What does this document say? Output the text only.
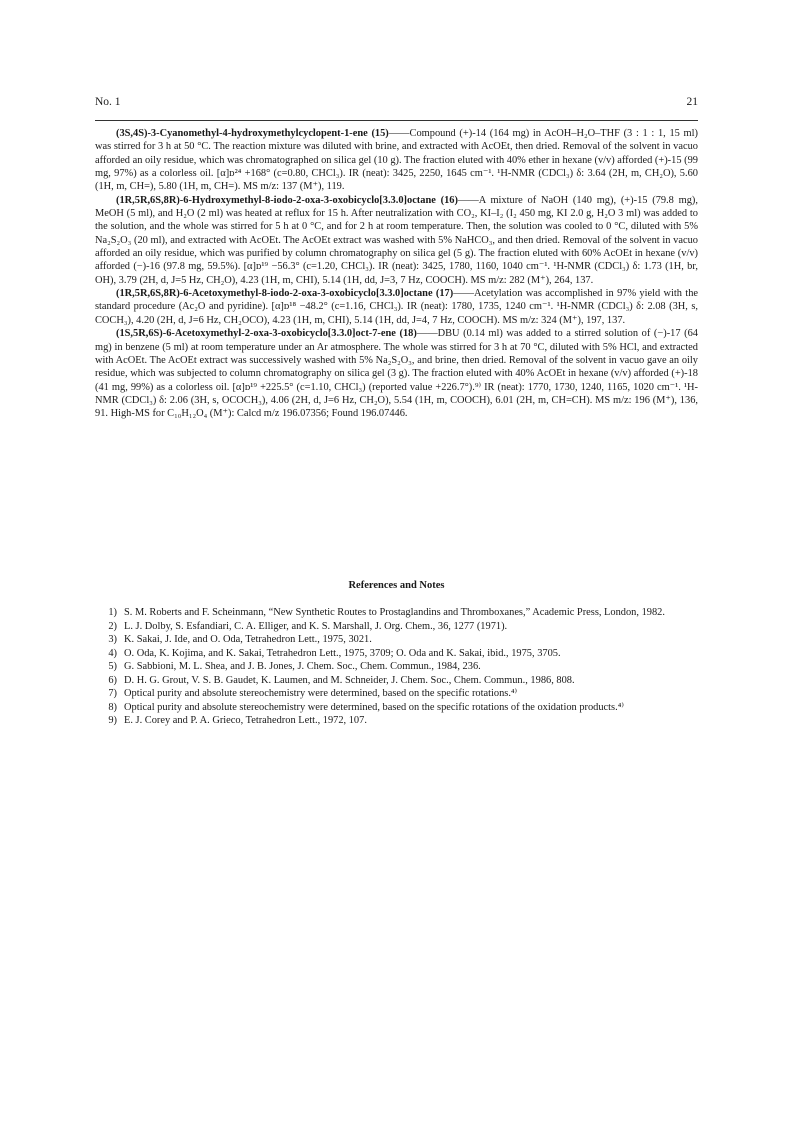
No. 1	21

(3S,4S)-3-Cyanomethyl-4-hydroxymethylcyclopent-1-ene (15)——Compound (+)-14 (164 mg) in AcOH–H₂O–THF (3 : 1 : 1, 15 ml) was stirred for 3 h at 50 °C. The reaction mixture was diluted with brine, and extracted with AcOEt, then dried. Removal of the solvent in vacuo afforded an oily residue, which was chromatographed on silica gel (10 g). The fraction eluted with 40% ether in hexane (v/v) afforded (+)-15 (99 mg, 97%) as a colorless oil. [α]ᴅ²⁴ +168° (c=0.80, CHCl₃). IR (neat): 3425, 2250, 1645 cm⁻¹. ¹H-NMR (CDCl₃) δ: 3.64 (2H, m, CH₂O), 5.60 (1H, m, CH=), 5.80 (1H, m, CH=). MS m/z: 137 (M⁺), 119.

(1R,5R,6S,8R)-6-Hydroxymethyl-8-iodo-2-oxa-3-oxobicyclo[3.3.0]octane (16)——A mixture of NaOH (140 mg), (+)-15 (79.8 mg), MeOH (5 ml), and H₂O (2 ml) was heated at reflux for 15 h. After neutralization with CO₂, KI–I₂ (I₂ 450 mg, KI 2.0 g, H₂O 3 ml) was added to the solution, and the whole was stirred for 5 h at 0 °C, and for 2 h at room temperature. Then, the solution was cooled to 0 °C, diluted with 5% Na₂S₂O₃ (20 ml), and extracted with AcOEt. The AcOEt extract was washed with 5% NaHCO₃, and then dried. Removal of the solvent in vacuo afforded an oily residue, which was purified by column chromatography on silica gel (5 g). The fraction eluted with 60% AcOEt in hexane (v/v) afforded (−)-16 (97.8 mg, 59.5%). [α]ᴅ¹⁹ −56.3° (c=1.20, CHCl₃). IR (neat): 3425, 1780, 1160, 1040 cm⁻¹. ¹H-NMR (CDCl₃) δ: 1.73 (1H, br, OH), 3.79 (2H, d, J=5 Hz, CH₂O), 4.23 (1H, m, CHI), 5.14 (1H, dd, J=3, 7 Hz, COOCH). MS m/z: 282 (M⁺), 264, 137.

(1R,5R,6S,8R)-6-Acetoxymethyl-8-iodo-2-oxa-3-oxobicyclo[3.3.0]octane (17)——Acetylation was accomplished in 97% yield with the standard procedure (Ac₂O and pyridine). [α]ᴅ¹⁸ −48.2° (c=1.16, CHCl₃). IR (neat): 1780, 1735, 1240 cm⁻¹. ¹H-NMR (CDCl₃) δ: 2.08 (3H, s, COCH₃), 4.20 (2H, d, J=6 Hz, CH₂OCO), 4.23 (1H, m, CHI), 5.14 (1H, dd, J=4, 7 Hz, COOCH). MS m/z: 324 (M⁺), 197, 137.

(1S,5R,6S)-6-Acetoxymethyl-2-oxa-3-oxobicyclo[3.3.0]oct-7-ene (18)——DBU (0.14 ml) was added to a stirred solution of (−)-17 (64 mg) in benzene (5 ml) at room temperature under an Ar atmosphere. The whole was stirred for 3 h at 70 °C, diluted with 5% HCl, and extracted with AcOEt. The AcOEt extract was successively washed with 5% Na₂S₂O₃, and brine, then dried. Removal of the solvent in vacuo gave an oily residue, which was subjected to column chromatography on silica gel (3 g). The fraction eluted with 40% AcOEt in hexane (v/v) afforded (+)-18 (41 mg, 99%) as a colorless oil. [α]ᴅ¹⁹ +225.5° (c=1.10, CHCl₃) (reported value +226.7°).⁹⁾ IR (neat): 1770, 1730, 1240, 1165, 1020 cm⁻¹. ¹H-NMR (CDCl₃) δ: 2.06 (3H, s, OCOCH₃), 4.06 (2H, d, J=6 Hz, CH₂O), 5.54 (1H, m, COOCH), 6.01 (2H, m, CH=CH). MS m/z: 196 (M⁺), 136, 91. High-MS for C₁₀H₁₂O₄ (M⁺): Calcd m/z 196.07356; Found 196.07446.

References and Notes
1) S. M. Roberts and F. Scheinmann, “New Synthetic Routes to Prostaglandins and Thromboxanes,” Academic Press, London, 1982.
2) L. J. Dolby, S. Esfandiari, C. A. Elliger, and K. S. Marshall, J. Org. Chem., 36, 1277 (1971).
3) K. Sakai, J. Ide, and O. Oda, Tetrahedron Lett., 1975, 3021.
4) O. Oda, K. Kojima, and K. Sakai, Tetrahedron Lett., 1975, 3709; O. Oda and K. Sakai, ibid., 1975, 3705.
5) G. Sabbioni, M. L. Shea, and J. B. Jones, J. Chem. Soc., Chem. Commun., 1984, 236.
6) D. H. G. Grout, V. S. B. Gaudet, K. Laumen, and M. Schneider, J. Chem. Soc., Chem. Commun., 1986, 808.
7) Optical purity and absolute stereochemistry were determined, based on the specific rotations.⁴⁾
8) Optical purity and absolute stereochemistry were determined, based on the specific rotations of the oxidation products.⁴⁾
9) E. J. Corey and P. A. Grieco, Tetrahedron Lett., 1972, 107.
